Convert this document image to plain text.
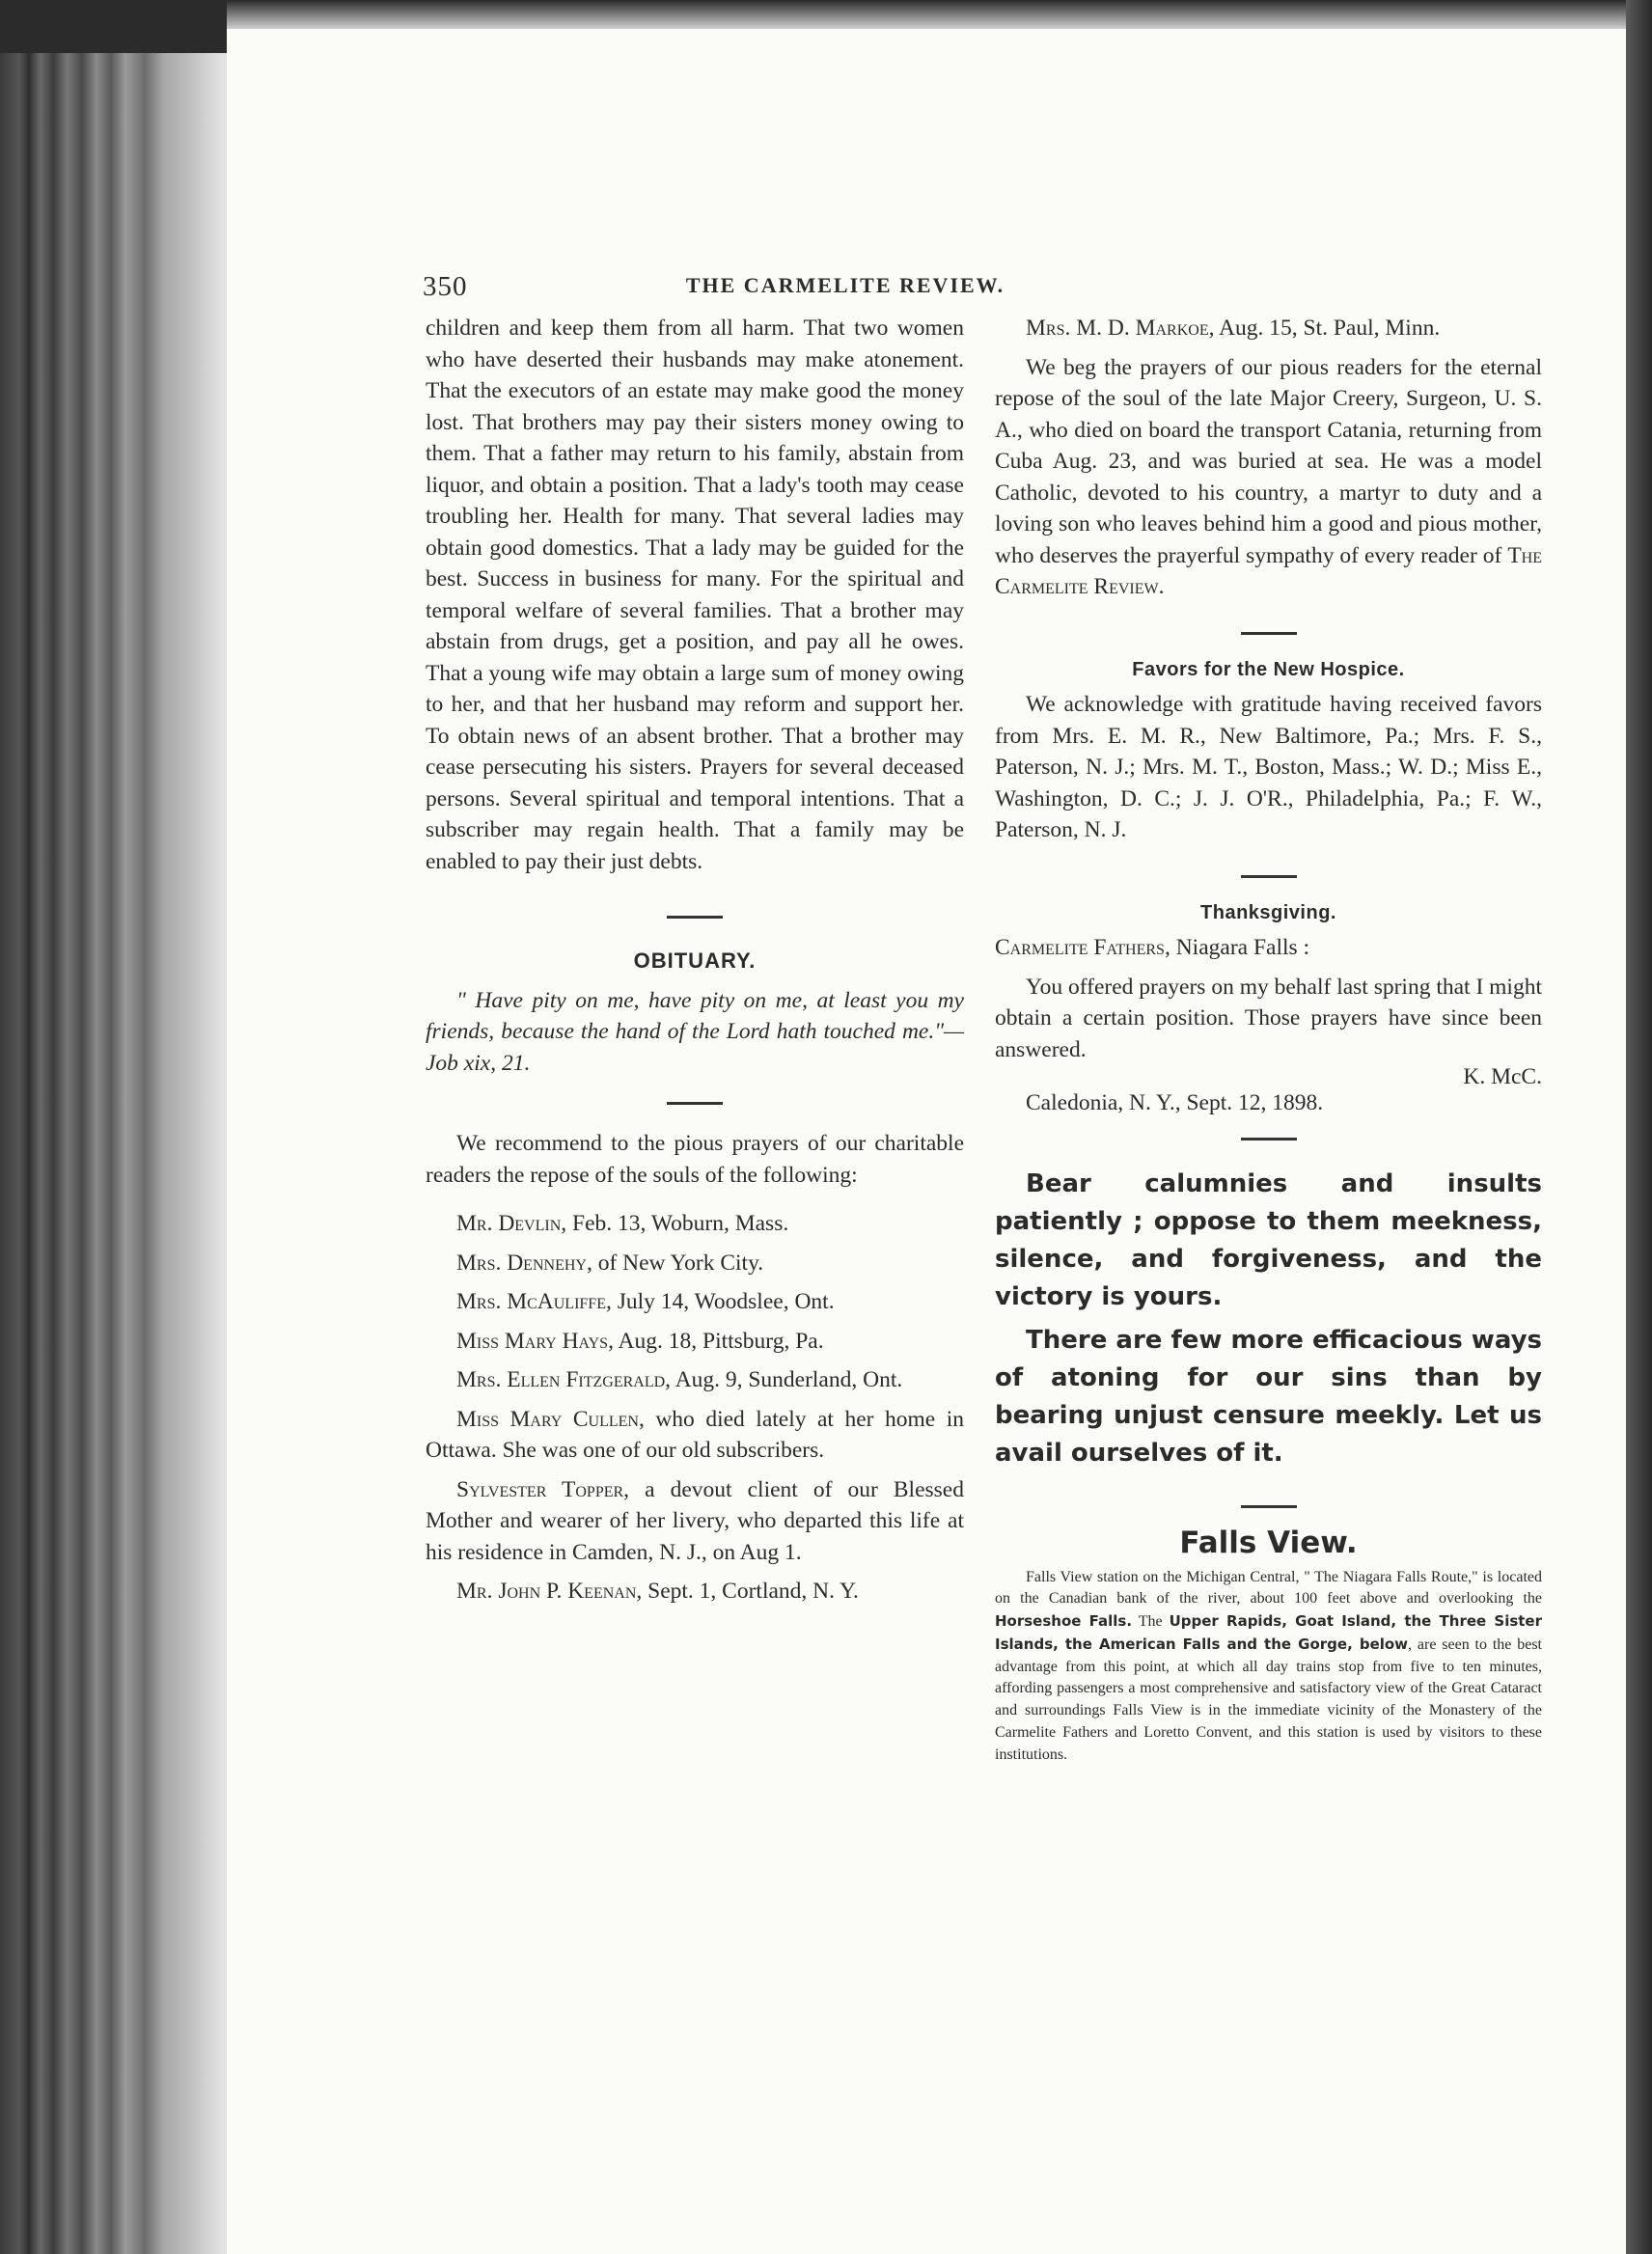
350	THE CARMELITE REVIEW.

children and keep them from all harm. That two women who have deserted their husbands may make atonement. That the executors of an estate may make good the money lost. That brothers may pay their sisters money owing to them. That a father may return to his family, abstain from liquor, and obtain a position. That a lady's tooth may cease troubling her. Health for many. That several ladies may obtain good domestics. That a lady may be guided for the best. Success in business for many. For the spiritual and temporal welfare of several families. That a brother may abstain from drugs, get a position, and pay all he owes. That a young wife may obtain a large sum of money owing to her, and that her husband may reform and support her. To obtain news of an absent brother. That a brother may cease persecuting his sisters. Prayers for several deceased persons. Several spiritual and temporal intentions. That a subscriber may regain health. That a family may be enabled to pay their just debts.

OBITUARY.

" Have pity on me, have pity on me, at least you my friends, because the hand of the Lord hath touched me."—Job xix, 21.

We recommend to the pious prayers of our charitable readers the repose of the souls of the following:

Mr. Devlin, Feb. 13, Woburn, Mass.

Mrs. Dennehy, of New York City.

Mrs. McAuliffe, July 14, Woodslee, Ont.

Miss Mary Hays, Aug. 18, Pittsburg, Pa.

Mrs. Ellen Fitzgerald, Aug. 9, Sunderland, Ont.

Miss Mary Cullen, who died lately at her home in Ottawa. She was one of our old subscribers.

Sylvester Topper, a devout client of our Blessed Mother and wearer of her livery, who departed this life at his residence in Camden, N. J., on Aug 1.

Mr. John P. Keenan, Sept. 1, Cortland, N. Y.

Mrs. M. D. Markoe, Aug. 15, St. Paul, Minn.

We beg the prayers of our pious readers for the eternal repose of the soul of the late Major Creery, Surgeon, U. S. A., who died on board the transport Catania, returning from Cuba Aug. 23, and was buried at sea. He was a model Catholic, devoted to his country, a martyr to duty and a loving son who leaves behind him a good and pious mother, who deserves the prayerful sympathy of every reader of The Carmelite Review.

Favors for the New Hospice.

We acknowledge with gratitude having received favors from Mrs. E. M. R., New Baltimore, Pa.; Mrs. F. S., Paterson, N. J.; Mrs. M. T., Boston, Mass.; W. D.; Miss E., Washington, D. C.; J. J. O'R., Philadelphia, Pa.; F. W., Paterson, N. J.

Thanksgiving.

Carmelite Fathers, Niagara Falls :

You offered prayers on my behalf last spring that I might obtain a certain position. Those prayers have since been answered.

K. McC.

Caledonia, N. Y., Sept. 12, 1898.

Bear calumnies and insults patiently ; oppose to them meekness, silence, and forgiveness, and the victory is yours.

There are few more efficacious ways of atoning for our sins than by bearing unjust censure meekly. Let us avail ourselves of it.

Falls View.

Falls View station on the Michigan Central, " The Niagara Falls Route," is located on the Canadian bank of the river, about 100 feet above and overlooking the Horseshoe Falls. The Upper Rapids, Goat Island, the Three Sister Islands, the American Falls and the Gorge, below, are seen to the best advantage from this point, at which all day trains stop from five to ten minutes, affording passengers a most comprehensive and satisfactory view of the Great Cataract and surroundings Falls View is in the immediate vicinity of the Monastery of the Carmelite Fathers and Loretto Convent, and this station is used by visitors to these institutions.
